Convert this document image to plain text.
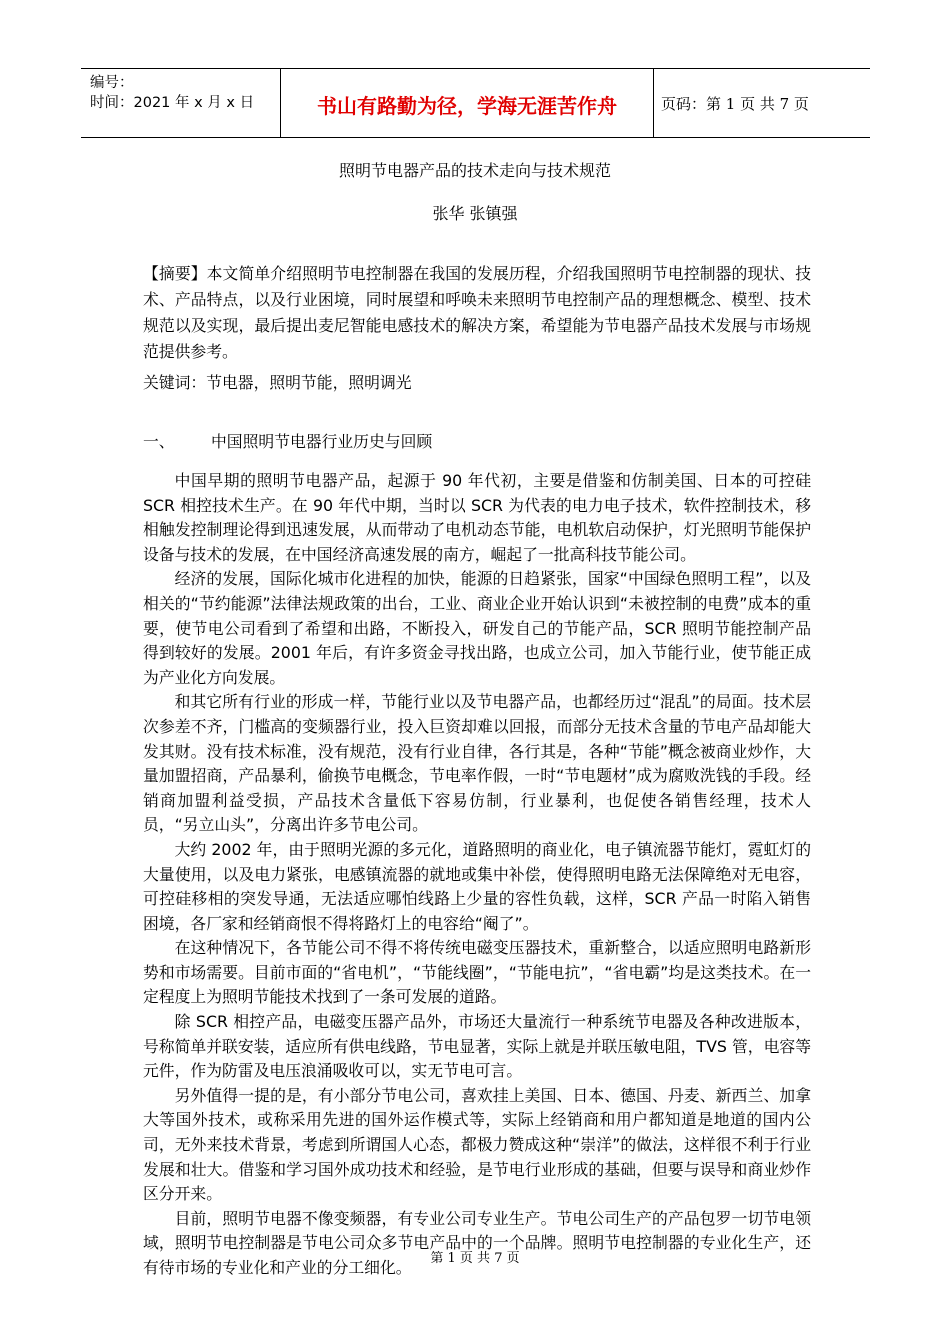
编号：
时间：2021 年 x 月 x 日	书山有路勤为径，学海无涯苦作舟	页码：第 1 页 共 7 页
照明节电器产品的技术走向与技术规范
张华 张镇强
【摘要】本文简单介绍照明节电控制器在我国的发展历程，介绍我国照明节电控制器的现状、技术、产品特点，以及行业困境，同时展望和呼唤未来照明节电控制产品的理想概念、模型、技术规范以及实现，最后提出麦尼智能电感技术的解决方案，希望能为节电器产品技术发展与市场规范提供参考。
关键词：节电器，照明节能，照明调光
一、 中国照明节电器行业历史与回顾

中国早期的照明节电器产品，起源于 90 年代初，主要是借鉴和仿制美国、日本的可控硅 SCR 相控技术生产。在 90 年代中期，当时以 SCR 为代表的电力电子技术，软件控制技术，移相触发控制理论得到迅速发展，从而带动了电机动态节能，电机软启动保护，灯光照明节能保护设备与技术的发展，在中国经济高速发展的南方，崛起了一批高科技节能公司。

经济的发展，国际化城市化进程的加快，能源的日趋紧张，国家“中国绿色照明工程”，以及相关的“节约能源”法律法规政策的出台，工业、商业企业开始认识到“未被控制的电费”成本的重要，使节电公司看到了希望和出路，不断投入，研发自己的节能产品，SCR 照明节能控制产品得到较好的发展。2001 年后，有许多资金寻找出路，也成立公司，加入节能行业，使节能正成为产业化方向发展。

和其它所有行业的形成一样，节能行业以及节电器产品，也都经历过“混乱”的局面。技术层次参差不齐，门槛高的变频器行业，投入巨资却难以回报，而部分无技术含量的节电产品却能大发其财。没有技术标准，没有规范，没有行业自律，各行其是，各种“节能”概念被商业炒作，大量加盟招商，产品暴利，偷换节电概念，节电率作假，一时“节电题材”成为腐败洗钱的手段。经销商加盟利益受损，产品技术含量低下容易仿制，行业暴利，也促使各销售经理，技术人员，“另立山头”，分离出许多节电公司。

大约 2002 年，由于照明光源的多元化，道路照明的商业化，电子镇流器节能灯，霓虹灯的大量使用，以及电力紧张，电感镇流器的就地或集中补偿，使得照明电路无法保障绝对无电容，可控硅移相的突发导通，无法适应哪怕线路上少量的容性负载，这样，SCR 产品一时陷入销售困境，各厂家和经销商恨不得将路灯上的电容给“阉了”。

在这种情况下，各节能公司不得不将传统电磁变压器技术，重新整合，以适应照明电路新形势和市场需要。目前市面的“省电机”，“节能线圈”，“节能电抗”，“省电霸”均是这类技术。在一定程度上为照明节能技术找到了一条可发展的道路。

除 SCR 相控产品，电磁变压器产品外，市场还大量流行一种系统节电器及各种改进版本，号称简单并联安装，适应所有供电线路，节电显著，实际上就是并联压敏电阻，TVS 管，电容等元件，作为防雷及电压浪涌吸收可以，实无节电可言。

另外值得一提的是，有小部分节电公司，喜欢挂上美国、日本、德国、丹麦、新西兰、加拿大等国外技术，或称采用先进的国外运作模式等，实际上经销商和用户都知道是地道的国内公司，无外来技术背景，考虑到所谓国人心态，都极力赞成这种“崇洋”的做法，这样很不利于行业发展和壮大。借鉴和学习国外成功技术和经验，是节电行业形成的基础，但要与误导和商业炒作区分开来。

目前，照明节电器不像变频器，有专业公司专业生产。节电公司生产的产品包罗一切节电领域，照明节电控制器是节电公司众多节电产品中的一个品牌。照明节电控制器的专业化生产，还有待市场的专业化和产业的分工细化。	第 1 页 共 7 页
